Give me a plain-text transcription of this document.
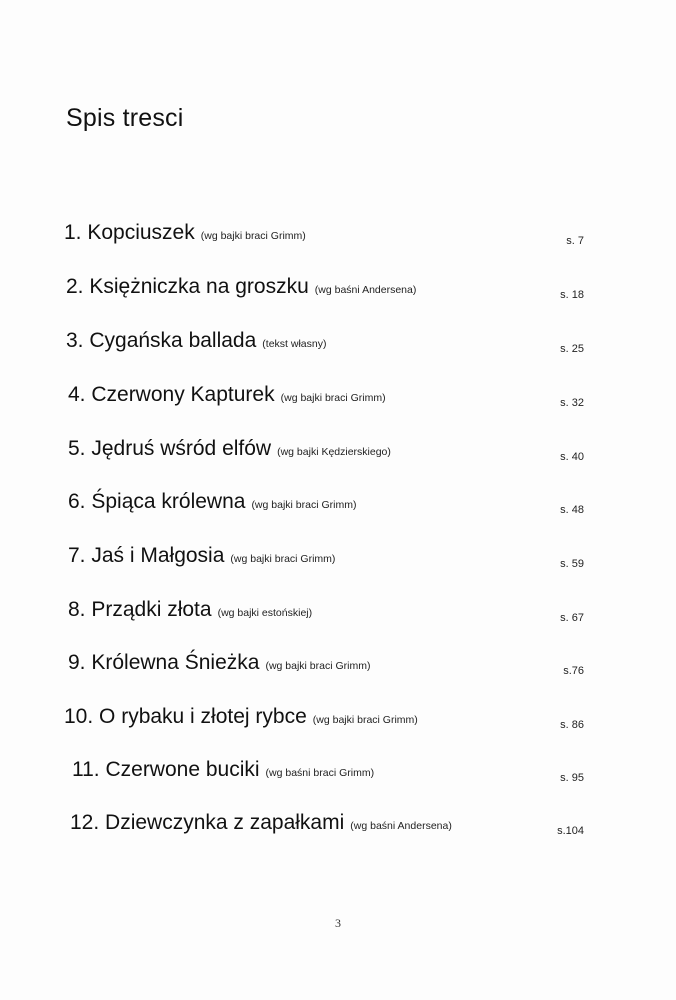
Spis tresci
1. Kopciuszek (wg bajki braci Grimm)	s. 7
2. Księżniczka na groszku (wg baśni Andersena)	s. 18
3. Cygańska ballada (tekst własny)	s. 25
4. Czerwony Kapturek (wg bajki braci Grimm)	s. 32
5. Jędruś wśród elfów (wg bajki Kędzierskiego)	s. 40
6. Śpiąca królewna (wg bajki braci Grimm)	s. 48
7. Jaś i Małgosia (wg bajki braci Grimm)	s. 59
8. Prządki złota (wg bajki estońskiej)	s. 67
9. Królewna Śnieżka (wg bajki braci Grimm)	s.76
10. O rybaku i złotej rybce (wg bajki braci Grimm)	s. 86
11. Czerwone buciki (wg baśni braci Grimm)	s. 95
12. Dziewczynka z zapałkami (wg baśni Andersena)	s.104
3
